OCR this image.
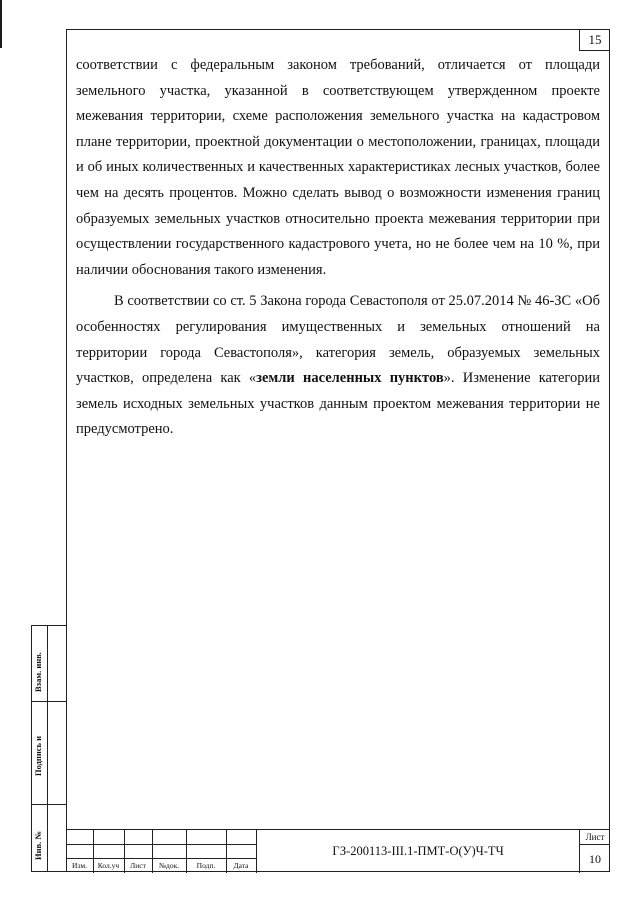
15

соответствии с федеральным законом требований, отличается от площади земельного участка, указанной в соответствующем утвержденном проекте межевания территории, схеме расположения земельного участка на кадастровом плане территории, проектной документации о местоположении, границах, площади и об иных количественных и качественных характеристиках лесных участков, более чем на десять процентов. Можно сделать вывод о возможности изменения границ образуемых земельных участков относительно проекта межевания территории при осуществлении государственного кадастрового учета, но не более чем на 10 %, при наличии обоснования такого изменения.

В соответствии со ст. 5 Закона города Севастополя от 25.07.2014 № 46-ЗС «Об особенностях регулирования имущественных и земельных отношений на территории города Севастополя», категория земель, образуемых земельных участков, определена как «земли населенных пунктов». Изменение категории земель исходных земельных участков данным проектом межевания территории не предусмотрено.

Взам. инв.
Подпись и
Инв. №
Изм.	Кол.уч	Лист	№док.	Подп.	Дата
ГЗ-200113-III.1-ПМТ-О(У)Ч-ТЧ
Лист
10
